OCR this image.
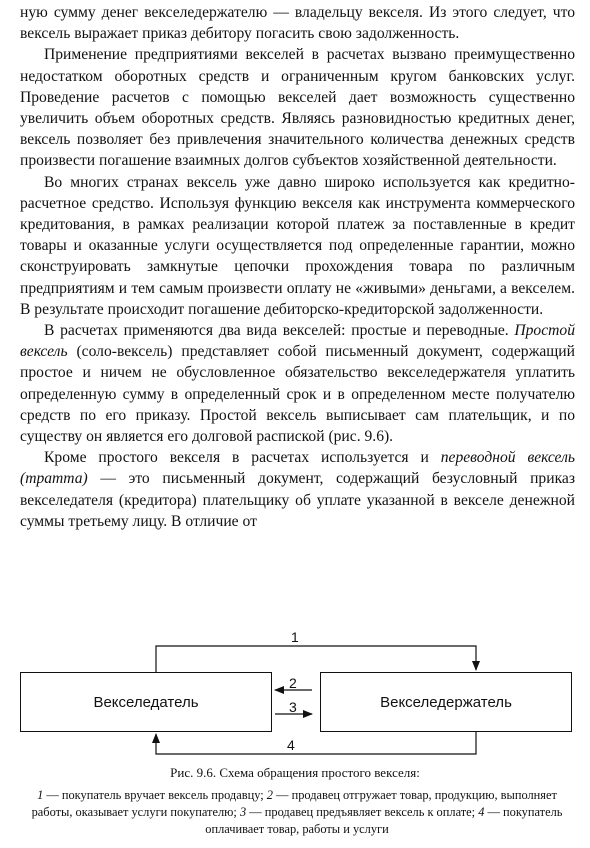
ную сумму денег векселедержателю — владельцу векселя. Из этого следует, что вексель выражает приказ дебитору погасить свою задолженность.

Применение предприятиями векселей в расчетах вызвано преимущественно недостатком оборотных средств и ограниченным кругом банковских услуг. Проведение расчетов с помощью векселей дает возможность существенно увеличить объем оборотных средств. Являясь разновидностью кредитных денег, вексель позволяет без привлечения значительного количества денежных средств произвести погашение взаимных долгов субъектов хозяйственной деятельности.

Во многих странах вексель уже давно широко используется как кредитно-расчетное средство. Используя функцию векселя как инструмента коммерческого кредитования, в рамках реализации которой платеж за поставленные в кредит товары и оказанные услуги осуществляется под определенные гарантии, можно сконструировать замкнутые цепочки прохождения товара по различным предприятиям и тем самым произвести оплату не «живыми» деньгами, а векселем. В результате происходит погашение дебиторско-кредиторской задолженности.

В расчетах применяются два вида векселей: простые и переводные. Простой вексель (соло-вексель) представляет собой письменный документ, содержащий простое и ничем не обусловленное обязательство векселедержателя уплатить определенную сумму в определенный срок и в определенном месте получателю средств по его приказу. Простой вексель выписывает сам плательщик, и по существу он является его долговой распиской (рис. 9.6).

Кроме простого векселя в расчетах используется и переводной вексель (тратта) — это письменный документ, содержащий безусловный приказ векселедателя (кредитора) плательщику об уплате указанной в векселе денежной суммы третьему лицу. В отличие от

Векселедатель	Векселедержатель
1
2
3
4
Рис. 9.6. Схема обращения простого векселя:
1 — покупатель вручает вексель продавцу; 2 — продавец отгружает товар, продукцию, выполняет работы, оказывает услуги покупателю; 3 — продавец предъявляет вексель к оплате; 4 — покупатель оплачивает товар, работы и услуги
